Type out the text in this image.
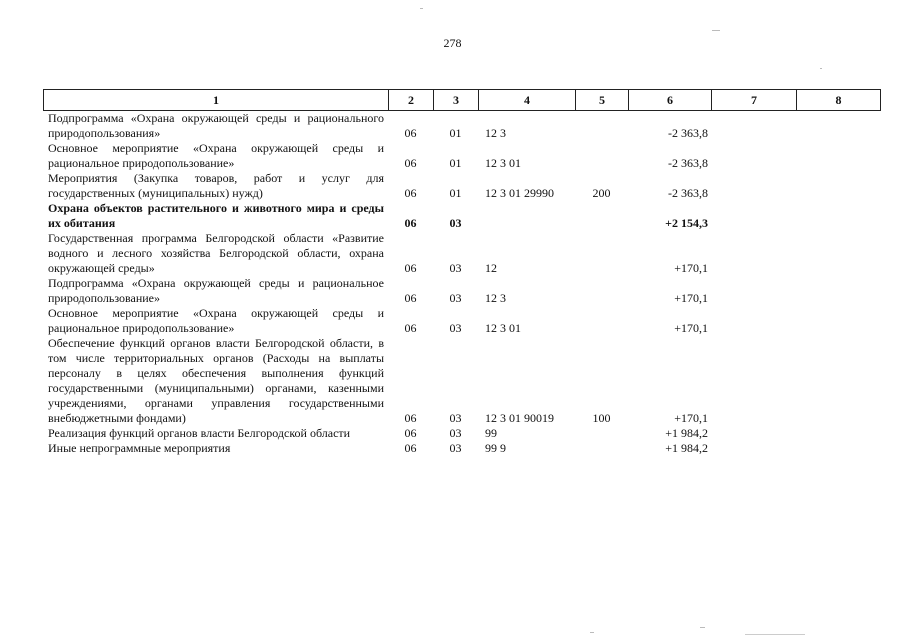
278
1	2	3	4	5	6	7	8
Подпрограмма «Охрана окружающей среды и рационального природопользования»	06	01	12 3		-2 363,8		
Основное мероприятие «Охрана окружающей среды и рациональное природопользование»	06	01	12 3 01		-2 363,8		
Мероприятия (Закупка товаров, работ и услуг для государственных (муниципальных) нужд)	06	01	12 3 01 29990	200	-2 363,8		
Охрана объектов растительного и животного мира и среды их обитания	06	03			+2 154,3		
Государственная программа Белгородской области «Развитие водного и лесного хозяйства Белгородской области, охрана окружающей среды»	06	03	12		+170,1		
Подпрограмма «Охрана окружающей среды и рациональное природопользование»	06	03	12 3		+170,1		
Основное мероприятие «Охрана окружающей среды и рациональное природопользование»	06	03	12 3 01		+170,1		
Обеспечение функций органов власти Белгородской области, в том числе территориальных органов (Расходы на выплаты персоналу в целях обеспечения выполнения функций государственными (муниципальными) органами, казенными учреждениями, органами управления государственными внебюджетными фондами)	06	03	12 3 01 90019	100	+170,1		
Реализация функций органов власти Белгородской области	06	03	99		+1 984,2		
Иные непрограммные мероприятия	06	03	99 9		+1 984,2		
